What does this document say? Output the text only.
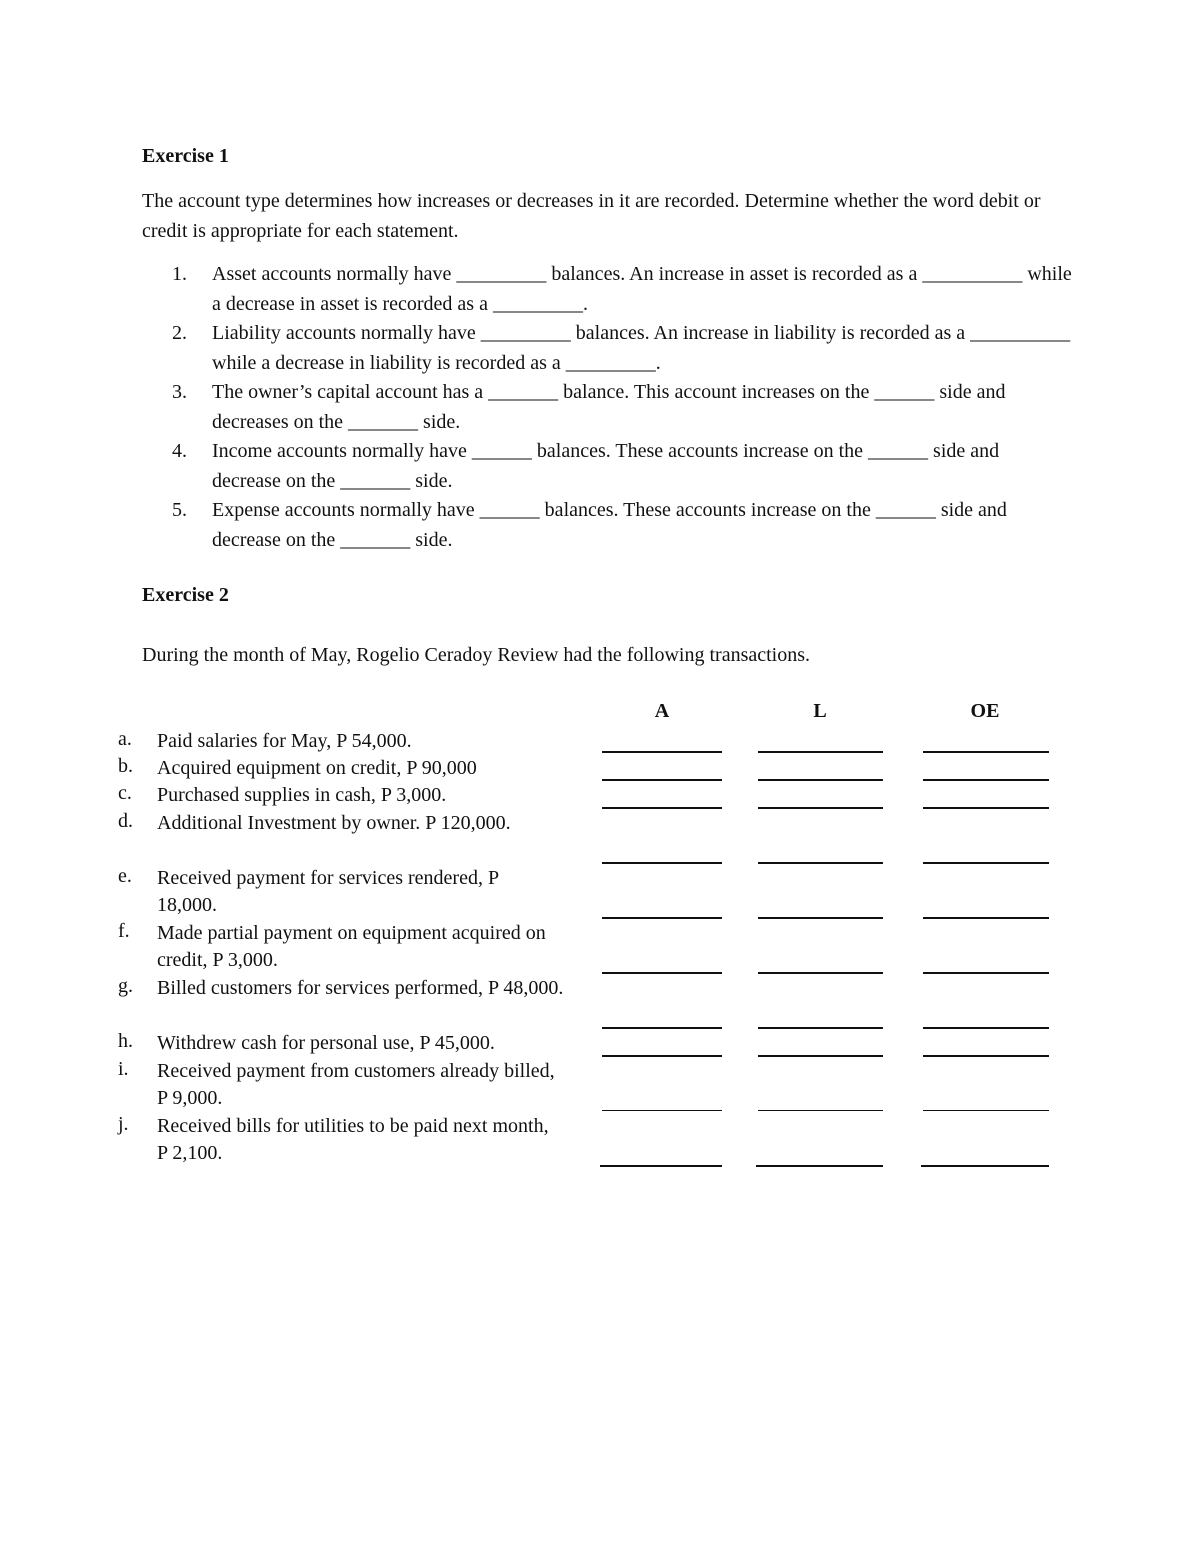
Exercise 1
The account type determines how increases or decreases in it are recorded. Determine whether the word debit or credit is appropriate for each statement.
1.	Asset accounts normally have _________ balances. An increase in asset is recorded as a __________ while a decrease in asset is recorded as a _________.
2.	Liability accounts normally have _________ balances. An increase in liability is recorded as a __________ while a decrease in liability is recorded as a _________.
3.	The owner’s capital account has a _______ balance. This account increases on the ______ side and decreases on the _______ side.
4.	Income accounts normally have ______ balances. These accounts increase on the ______ side and decrease on the _______ side.
5.	Expense accounts normally have ______ balances. These accounts increase on the ______ side and decrease on the _______ side.
Exercise 2
During the month of May, Rogelio Ceradoy Review had the following transactions.
A	L	OE
a.	Paid salaries for May, P 54,000.
b.	Acquired equipment on credit, P 90,000
c.	Purchased supplies in cash, P 3,000.
d.	Additional Investment by owner. P 120,000.
e.	Received payment for services rendered, P 18,000.
f.	Made partial payment on equipment acquired on credit, P 3,000.
g.	Billed customers for services performed, P 48,000.
h.	Withdrew cash for personal use, P 45,000.
i.	Received payment from customers already billed, P 9,000.
j.	Received bills for utilities to be paid next month, P 2,100.
